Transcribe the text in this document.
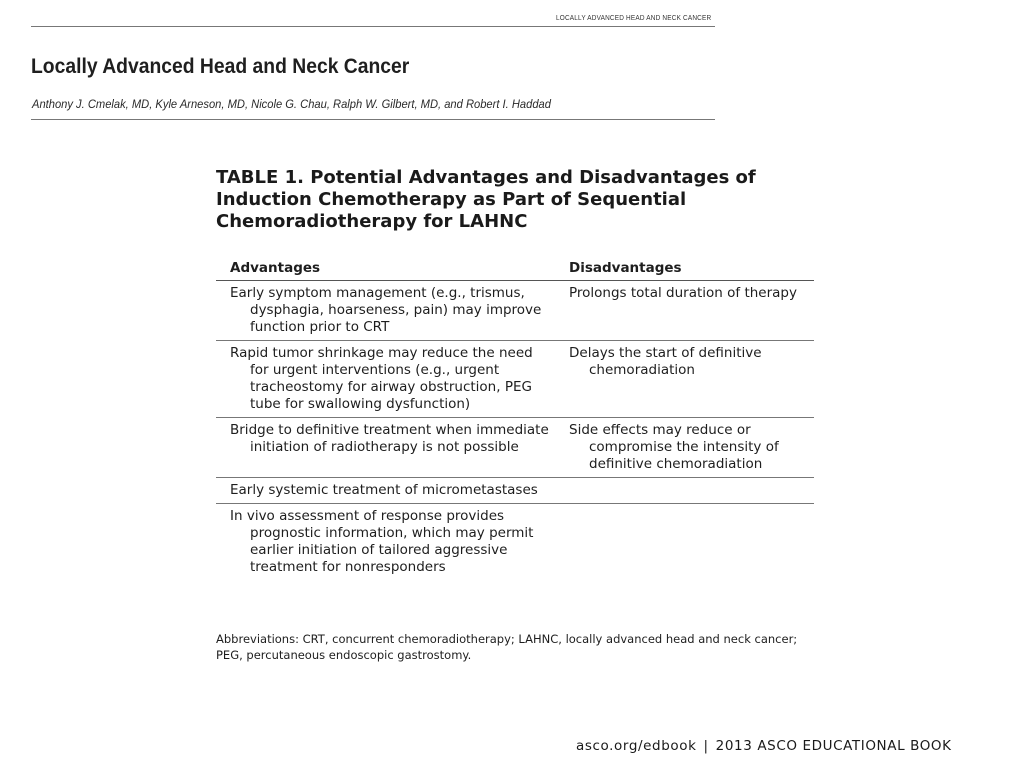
LOCALLY ADVANCED HEAD AND NECK CANCER
Locally Advanced Head and Neck Cancer
Anthony J. Cmelak, MD, Kyle Arneson, MD, Nicole G. Chau, Ralph W. Gilbert, MD, and Robert I. Haddad
TABLE 1. Potential Advantages and Disadvantages of Induction Chemotherapy as Part of Sequential Chemoradiotherapy for LAHNC
Advantages	Disadvantages
Early symptom management (e.g., trismus, dysphagia, hoarseness, pain) may improve function prior to CRT	Prolongs total duration of therapy
Rapid tumor shrinkage may reduce the need for urgent interventions (e.g., urgent tracheostomy for airway obstruction, PEG tube for swallowing dysfunction)	Delays the start of definitive chemoradiation
Bridge to definitive treatment when immediate initiation of radiotherapy is not possible	Side effects may reduce or compromise the intensity of definitive chemoradiation
Early systemic treatment of micrometastases	
In vivo assessment of response provides prognostic information, which may permit earlier initiation of tailored aggressive treatment for nonresponders	
Abbreviations: CRT, concurrent chemoradiotherapy; LAHNC, locally advanced head and neck cancer; PEG, percutaneous endoscopic gastrostomy.
asco.org/edbook | 2013 ASCO EDUCATIONAL BOOK
